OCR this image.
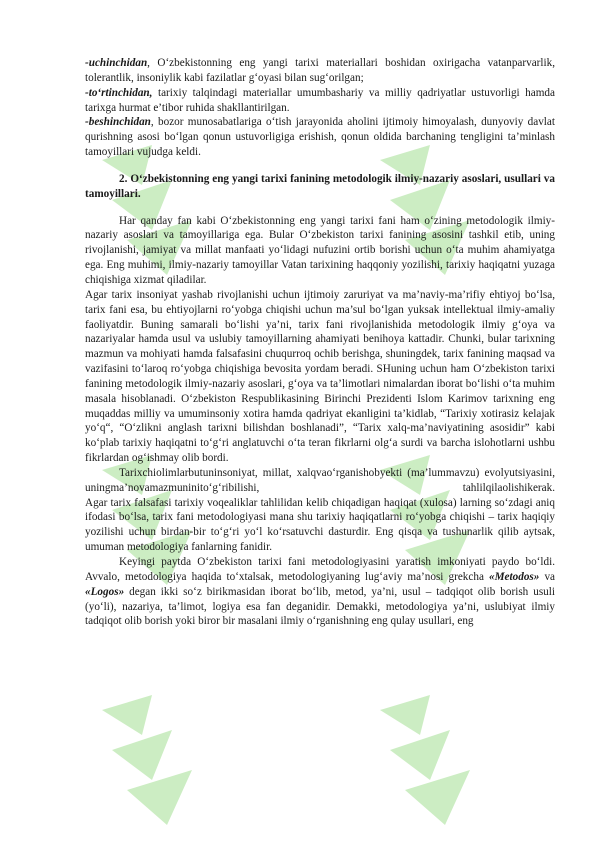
-uchinchidan, O‘zbekistonning eng yangi tarixi materiallari boshidan oxirigacha vatanparvarlik, tolerantlik, insoniylik kabi fazilatlar g‘oyasi bilan sug‘orilgan;

-to‘rtinchidan, tarixiy talqindagi materiallar umumbashariy va milliy qadriyatlar ustuvorligi hamda tarixga hurmat e’tibor ruhida shakllantirilgan.

-beshinchidan, bozor munosabatlariga o‘tish jarayonida aholini ijtimoiy himoyalash, dunyoviy davlat qurishning asosi bo‘lgan qonun ustuvorligiga erishish, qonun oldida barchaning tengligini ta’minlash tamoyillari vujudga keldi.

2. O‘zbekistonning eng yangi tarixi fanining metodologik ilmiy-nazariy asoslari, usullari va tamoyillari.

Har qanday fan kabi O‘zbekistonning eng yangi tarixi fani ham o‘zining metodologik ilmiy-nazariy asoslari va tamoyillariga ega. Bular O‘zbekiston tarixi fanining asosini tashkil etib, uning rivojlanishi, jamiyat va millat manfaati yo‘lidagi nufuzini ortib borishi uchun o‘ta muhim ahamiyatga ega. Eng muhimi, ilmiy-nazariy tamoyillar Vatan tarixining haqqoniy yozilishi, tarixiy haqiqatni yuzaga chiqishiga xizmat qiladilar.

Agar tarix insoniyat yashab rivojlanishi uchun ijtimoiy zaruriyat va ma’naviy-ma’rifiy ehtiyoj bo‘lsa, tarix fani esa, bu ehtiyojlarni ro‘yobga chiqishi uchun ma’sul bo‘lgan yuksak intellektual ilmiy-amaliy faoliyatdir. Buning samarali bo‘lishi ya’ni, tarix fani rivojlanishida metodologik ilmiy g‘oya va nazariyalar hamda usul va uslubiy tamoyillarning ahamiyati benihoya kattadir. Chunki, bular tarixning mazmun va mohiyati hamda falsafasini chuqurroq ochib berishga, shuningdek, tarix fanining maqsad va vazifasini to‘laroq ro‘yobga chiqishiga bevosita yordam beradi. SHuning uchun ham O‘zbekiston tarixi fanining metodologik ilmiy-nazariy asoslari, g‘oya va ta’limotlari nimalardan iborat bo‘lishi o‘ta muhim masala hisoblanadi. O‘zbekiston Respublikasining Birinchi Prezidenti Islom Karimov tarixning eng muqaddas milliy va umuminsoniy xotira hamda qadriyat ekanligini ta’kidlab, “Tarixiy xotirasiz kelajak yo‘q“, “O‘zlikni anglash tarixni bilishdan boshlanadi”, “Tarix xalq-ma’naviyatining asosidir” kabi ko‘plab tarixiy haqiqatni to‘g‘ri anglatuvchi o‘ta teran fikrlarni olg‘a surdi va barcha islohotlarni ushbu fikrlardan og‘ishmay olib bordi.

Tarixchiolimlarbutuninsoniyat, millat, xalqvao‘rganishobyekti (ma’lummavzu) evolyutsiyasini, uningma’novamazmuninito‘g‘ribilishi, tahlilqilaolishikerak.

Agar tarix falsafasi tarixiy voqealiklar tahlilidan kelib chiqadigan haqiqat (xulosa) larning so‘zdagi aniq ifodasi bo‘lsa, tarix fani metodologiyasi mana shu tarixiy haqiqatlarni ro‘yobga chiqishi – tarix haqiqiy yozilishi uchun birdan-bir to‘g‘ri yo‘l ko‘rsatuvchi dasturdir. Eng qisqa va tushunarlik qilib aytsak, umuman metodologiya fanlarning fanidir.

Keyingi paytda O‘zbekiston tarixi fani metodologiyasini yaratish imkoniyati paydo bo‘ldi. Avvalo, metodologiya haqida to‘xtalsak, metodologiyaning lug‘aviy ma’nosi grekcha «Metodos» va «Logos» degan ikki so‘z birikmasidan iborat bo‘lib, metod, ya’ni, usul – tadqiqot olib borish usuli (yo‘li), nazariya, ta’limot, logiya esa fan deganidir. Demakki, metodologiya ya’ni, uslubiyat ilmiy tadqiqot olib borish yoki biror bir masalani ilmiy o‘rganishning eng qulay usullari, eng
